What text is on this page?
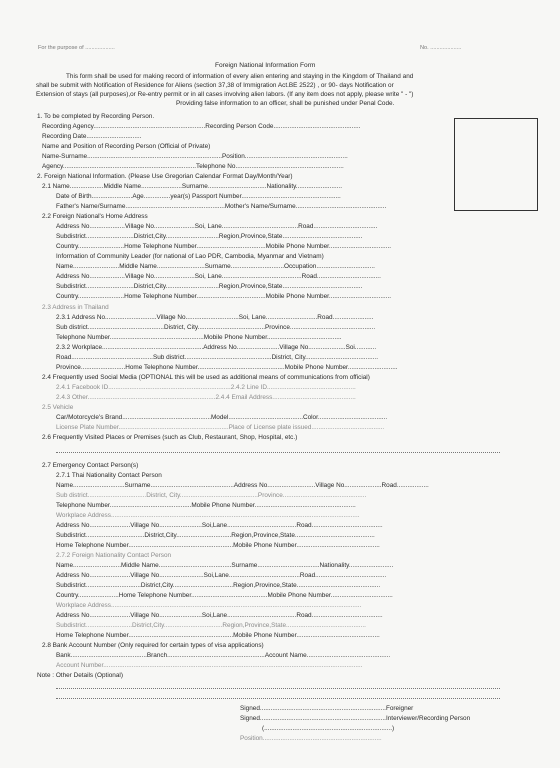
For the purpose of ...................	No. ....................
Foreign National Information Form
This form shall be used for making record of information of every alien entering and staying in the Kingdom of Thailand and
shall be submit with Notification of Residence for Aliens (section 37,38 of Immigration Act.BE 2522) , or 90- days Notification or
Extension of stays (all purposes),or Re-entry permit or in all cases involving alien labors. (If any item does not apply, please write " - ")
Providing false information to an officer, shall be punished under Penal Code.
1. To be completed by Recording Person.
Recording Agency...............................................................Recording Person Code.................................................
Recording Date...............................
Name and Position of Recording Person (Official of Private)
Name-Surname............................................................................Position..........................................................
Agency...........................................................................Telephone No.............................................................
2. Foreign National Information. (Please Use Gregorian Calendar Format Day/Month/Year)
2.1 Name...................Middle Name.......................Surname.................................Nationality..........................
Date of Birth.......................Age...............year(s) Passport Number........................................................
Father's Name/Surname........................................................Mother's Name/Surname...................................................
2.2 Foreign National's Home Address
Address No....................Village No.......................Soi, Lane...........................................Road....................................
Subdistrict...........................District,City..............................Region,Province,State.............................................
Country..........................Home Telephone Number.......................................Mobile Phone Number...................................
Information of Community Leader (for national of Lao PDR, Cambodia, Myanmar and Vietnam)
Name..........................Middle Name...........................Surname..............................Occupation.................................
Address No....................Village No.......................Soi, Lane.............................................Road....................................
Subdistrict...........................District,City..............................Region,Province,State.............................................
Country..........................Home Telephone Number.......................................Mobile Phone Number...................................
2.3 Address in Thailand
2.3.1 Address No.............................Village No..............................Soi, Lane.............................Road.......................
Sub district...........................................District, City......................................Province................................................
Telephone Number.....................................................Mobile Phone Number..........................................
2.3.2 Workplace.........................................................Address No........................Village No.....................Soi............
Road..............................................Sub district.................................................District, City.........................................
Province.........................Home Telephone Number.................................................Mobile Phone Number............................
2.4 Frequently used Social Media (OPTIONAL this will be used as additional means of communications from official)
2.4.1 Facebook ID.....................................................................2.4.2 Line ID..................................................
2.4.3 Other........................................................................2.4.4 Email Address...............................................
2.5 Vehicle
Car/Motorcycle's Brand..................................................Model..........................................Color.......................................
License Plate Number..............................................................Place of License plate issued.........................................
2.6 Frequently Visited Places or Premises (such as Club, Restaurant, Shop, Hospital, etc.)
2.7 Emergency Contact Person(s)
2.7.1 Thai Nationality Contact Person
Name.............................Surname...............................................Address No...........................Village No.....................Road..................
Sub district.................................District, City............................................Province...............................................
Telephone Number..............................................Mobile Phone Number.........................................................
Workplace Address............................................................................................................................................
Address No.......................Village No........................Soi,Lane.......................................Road........................................
Subdistrict.................................District,City...............................Region,Province,State.............................................
Home Telephone Number...........................................................Mobile Phone Number...............................................
2.7.2 Foreign Nationality Contact Person
Name...........................Middle Name.........................................Surname...................................Nationality.........................
Address No.......................Village No.........................Soi,Lane........................................Road........................................
Subdistrict...............................District,City..................................Region,Province,State...............................................
Country.......................Home Telephone Number...........................................Mobile Phone Number...................................
Workplace Address.............................................................................................................................................
Address No.......................Village No........................Soi,Lane.......................................Road........................................
Subdistrict..........................District,City.................................Region,Province,State.............................................
Home Telephone Number...........................................................Mobile Phone Number...............................................
2.8 Bank Account Number (Only required for certain types of visa applications)
Bank...........................................Branch.......................................................Account Name...............................................
Account Number..................................................................................................................................................
Note : Other Details (Optional)
Signed.......................................................................Foreigner
Signed.......................................................................Interviewer/Recording Person
(........................................................................)
Position...................................................................
